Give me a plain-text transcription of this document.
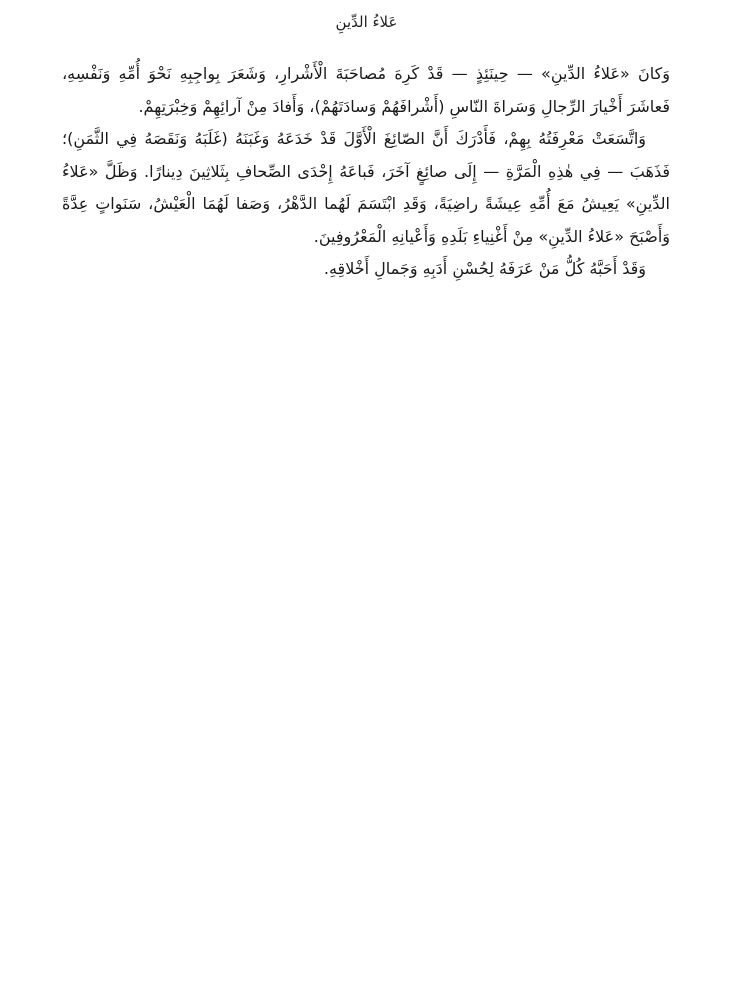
عَلاءُ الدِّينِ

وَكانَ «عَلاءُ الدِّينِ» — حِينَئِذٍ — قَدْ كَرِهَ مُصاحَبَةَ الْأَشْرارِ، وَشَعَرَ بِواجِبِهِ نَحْوَ أُمِّهِ وَنَفْسِهِ، فَعاشَرَ أَخْيارَ الرِّجالِ وَسَراةَ النّاسِ (أَشْرافَهُمْ وَسادَتَهُمْ)، وَأَفادَ مِنْ آرائِهِمْ وَخِبْرَتِهِمْ.

وَاتَّسَعَتْ مَعْرِفَتُهُ بِهِمْ، فَأَدْرَكَ أَنَّ الصّائِغَ الْأَوَّلَ قَدْ خَدَعَهُ وَغَبَنَهُ (غَلَبَهُ وَنَقَصَهُ فِي الثَّمَنِ)؛ فَذَهَبَ — فِي هٰذِهِ الْمَرَّةِ — إِلَى صائِغٍ آخَرَ، فَباعَهُ إِحْدَى الصِّحافِ بِثَلاثِينَ دِينارًا. وَظَلَّ «عَلاءُ الدِّينِ» يَعِيشُ مَعَ أُمِّهِ عِيشَةً راضِيَةً، وَقَدِ ابْتَسَمَ لَهُما الدَّهْرُ، وَصَفا لَهُمَا الْعَيْشُ، سَنَواتٍ عِدَّةً وَأَصْبَحَ «عَلاءُ الدِّينِ» مِنْ أَغْنِياءِ بَلَدِهِ وَأَعْيانِهِ الْمَعْرُوفِينَ.

وَقَدْ أَحَبَّهُ كُلُّ مَنْ عَرَفَهُ لِحُسْنِ أَدَبِهِ وَجَمالِ أَخْلاقِهِ.
